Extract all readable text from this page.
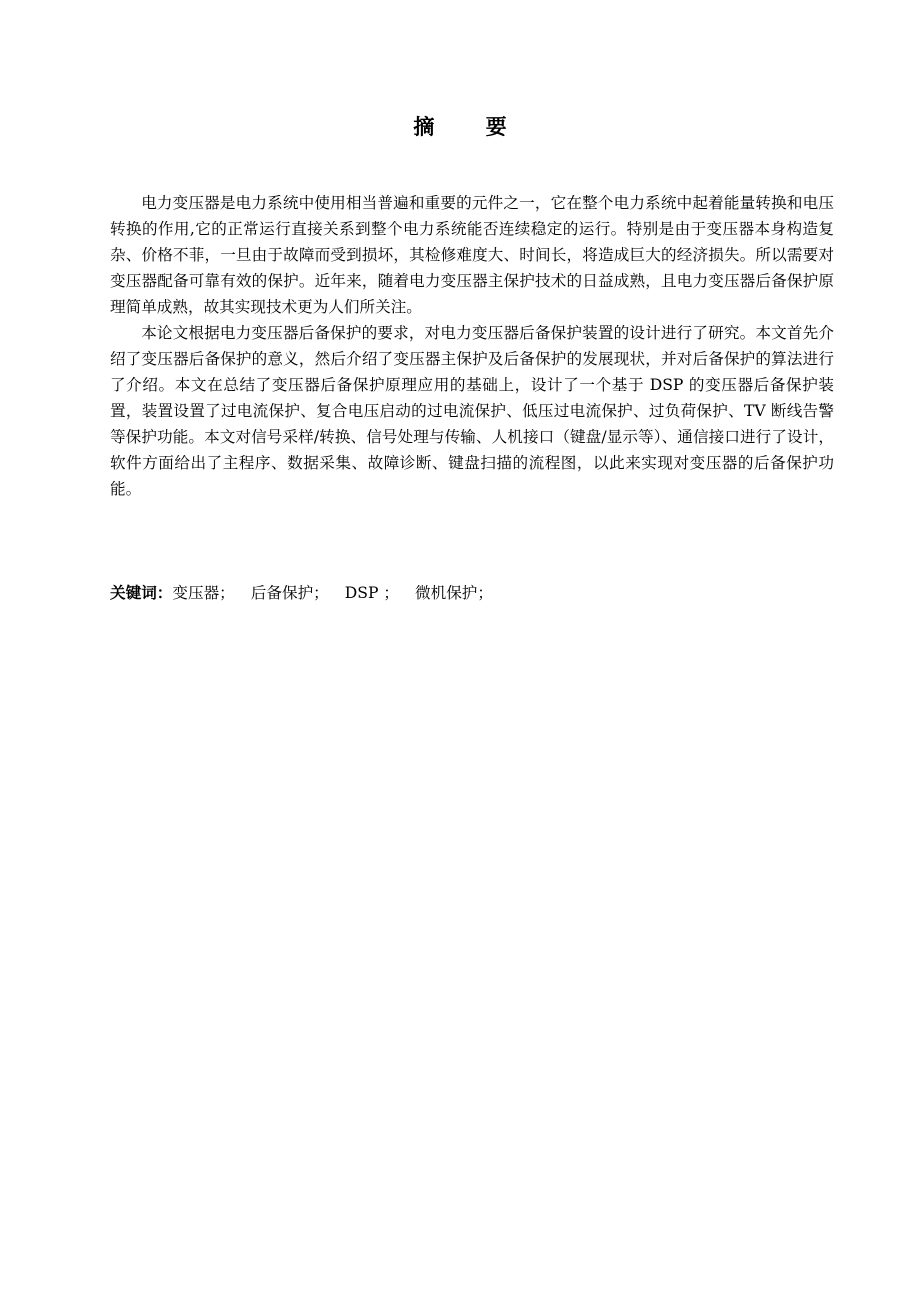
摘 要

电力变压器是电力系统中使用相当普遍和重要的元件之一，它在整个电力系统中起着能量转换和电压转换的作用,它的正常运行直接关系到整个电力系统能否连续稳定的运行。特别是由于变压器本身构造复杂、价格不菲，一旦由于故障而受到损坏，其检修难度大、时间长，将造成巨大的经济损失。所以需要对变压器配备可靠有效的保护。近年来，随着电力变压器主保护技术的日益成熟，且电力变压器后备保护原理简单成熟，故其实现技术更为人们所关注。

本论文根据电力变压器后备保护的要求，对电力变压器后备保护装置的设计进行了研究。本文首先介绍了变压器后备保护的意义，然后介绍了变压器主保护及后备保护的发展现状，并对后备保护的算法进行了介绍。本文在总结了变压器后备保护原理应用的基础上，设计了一个基于 DSP 的变压器后备保护装置，装置设置了过电流保护、复合电压启动的过电流保护、低压过电流保护、过负荷保护、TV 断线告警等保护功能。本文对信号采样/转换、信号处理与传输、人机接口（键盘/显示等）、通信接口进行了设计，软件方面给出了主程序、数据采集、故障诊断、键盘扫描的流程图，以此来实现对变压器的后备保护功能。

关键词：变压器； 后备保护； DSP ； 微机保护；
